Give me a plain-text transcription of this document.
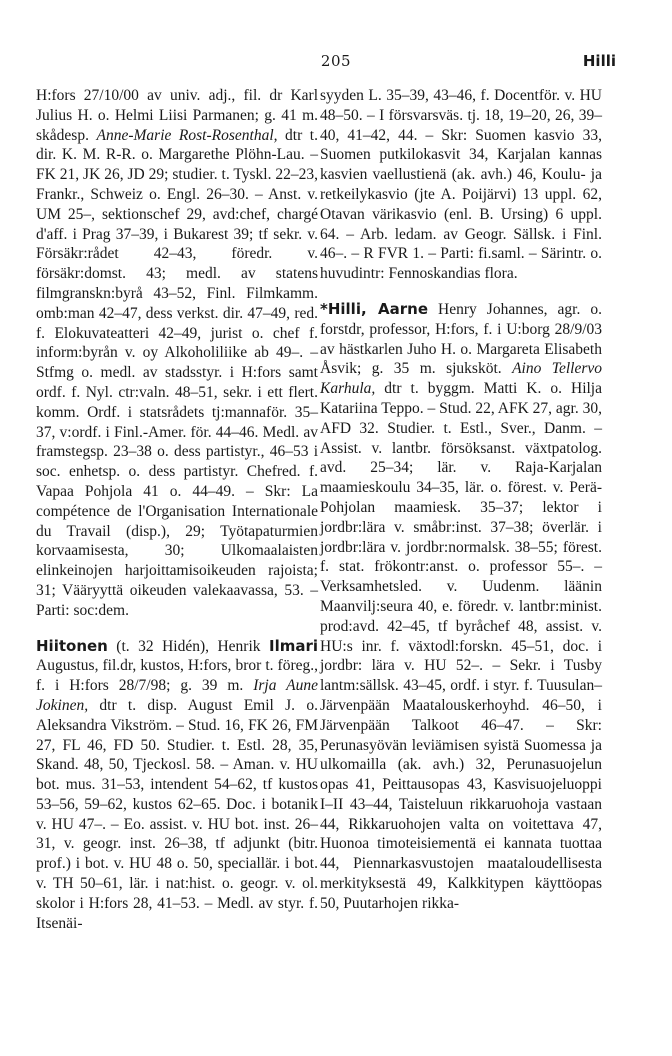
205	Hilli

H:fors 27/10/00 av univ. adj., fil. dr Karl Julius H. o. Helmi Liisi Parmanen; g. 41 m. skådesp. Anne-Marie Rost-Rosenthal, dtr t. dir. K. M. R-R. o. Margarethe Plöhn-Lau. – FK 21, JK 26, JD 29; studier. t. Tyskl. 22–23, Frankr., Schweiz o. Engl. 26–30. – Anst. v. UM 25–, sektionschef 29, avd:chef, chargé d'aff. i Prag 37–39, i Bukarest 39; tf sekr. v. Försäkr:rådet 42–43, föredr. v. försäkr:domst. 43; medl. av statens filmgranskn:byrå 43–52, Finl. Filmkamm. omb:man 42–47, dess verkst. dir. 47–49, red. f. Elokuvateatteri 42–49, jurist o. chef f. inform:byrån v. oy Alkoholiliike ab 49–. – Stfmg o. medl. av stadsstyr. i H:fors samt ordf. f. Nyl. ctr:valn. 48–51, sekr. i ett flert. komm. Ordf. i statsrådets tj:mannaför. 35–37, v:ordf. i Finl.-Amer. för. 44–46. Medl. av framstegsp. 23–38 o. dess partistyr., 46–53 i soc. enhetsp. o. dess partistyr. Chefred. f. Vapaa Pohjola 41 o. 44–49. – Skr: La compétence de l'Organisation Internationale du Travail (disp.), 29; Työtapaturmien korvaamisesta, 30; Ulkomaalaisten elinkeinojen harjoittamisoikeuden rajoista; 31; Vääryyttä oikeuden valekaavassa, 53. – Parti: soc:dem.

Hiitonen (t. 32 Hidén), Henrik Ilmari Augustus, fil.dr, kustos, H:fors, bror t. föreg., f. i H:fors 28/7/98; g. 39 m. Irja Aune Jokinen, dtr t. disp. August Emil J. o. Aleksandra Vikström. – Stud. 16, FK 26, FM 27, FL 46, FD 50. Studier. t. Estl. 28, 35, Skand. 48, 50, Tjeckosl. 58. – Aman. v. HU bot. mus. 31–53, intendent 54–62, tf kustos 53–56, 59–62, kustos 62–65. Doc. i botanik v. HU 47–. – Eo. assist. v. HU bot. inst. 26–31, v. geogr. inst. 26–38, tf adjunkt (bitr. prof.) i bot. v. HU 48 o. 50, speciallär. i bot. v. TH 50–61, lär. i nat:hist. o. geogr. v. ol. skolor i H:fors 28, 41–53. – Medl. av styr. f. Itsenäi-

syyden L. 35–39, 43–46, f. Docentför. v. HU 48–50. – I försvarsväs. tj. 18, 19–20, 26, 39–40, 41–42, 44. – Skr: Suomen kasvio 33, Suomen putkilokasvit 34, Karjalan kannas kasvien vaellustienä (ak. avh.) 46, Koulu- ja retkeilykasvio (jte A. Poijärvi) 13 uppl. 62, Otavan värikasvio (enl. B. Ursing) 6 uppl. 64. – Arb. ledam. av Geogr. Sällsk. i Finl. 46–. – R FVR 1. – Parti: fi.saml. – Särintr. o. huvudintr: Fennoskandias flora.

*Hilli, Aarne Henry Johannes, agr. o. forstdr, professor, H:fors, f. i U:borg 28/9/03 av hästkarlen Juho H. o. Margareta Elisabeth Åsvik; g. 35 m. sjuksköt. Aino Tellervo Karhula, dtr t. byggm. Matti K. o. Hilja Katariina Teppo. – Stud. 22, AFK 27, agr. 30, AFD 32. Studier. t. Estl., Sver., Danm. – Assist. v. lantbr. försöksanst. växtpatolog. avd. 25–34; lär. v. Raja-Karjalan maamieskoulu 34–35, lär. o. förest. v. Perä-Pohjolan maamiesk. 35–37; lektor i jordbr:lära v. småbr:inst. 37–38; överlär. i jordbr:lära v. jordbr:normalsk. 38–55; förest. f. stat. frökontr:anst. o. professor 55–. – Verksamhetsled. v. Uudenm. läänin Maanvilj:seura 40, e. föredr. v. lantbr:minist. prod:avd. 42–45, tf byråchef 48, assist. v. HU:s inr. f. växtodl:forskn. 45–51, doc. i jordbr: lära v. HU 52–. – Sekr. i Tusby lantm:sällsk. 43–45, ordf. i styr. f. Tuusulan–Järvenpään Maatalouskerhoyhd. 46–50, i Järvenpään Talkoot 46–47. – Skr: Perunasyövän leviämisen syistä Suomessa ja ulkomailla (ak. avh.) 32, Perunasuojelun opas 41, Peittausopas 43, Kasvisuojeluoppi I–II 43–44, Taisteluun rikkaruohoja vastaan 44, Rikkaruohojen valta on voitettava 47, Huonoa timoteisiementä ei kannata tuottaa 44, Piennarkasvustojen maataloudellisesta merkityksestä 49, Kalkkitypen käyttöopas 50, Puutarhojen rikka-
